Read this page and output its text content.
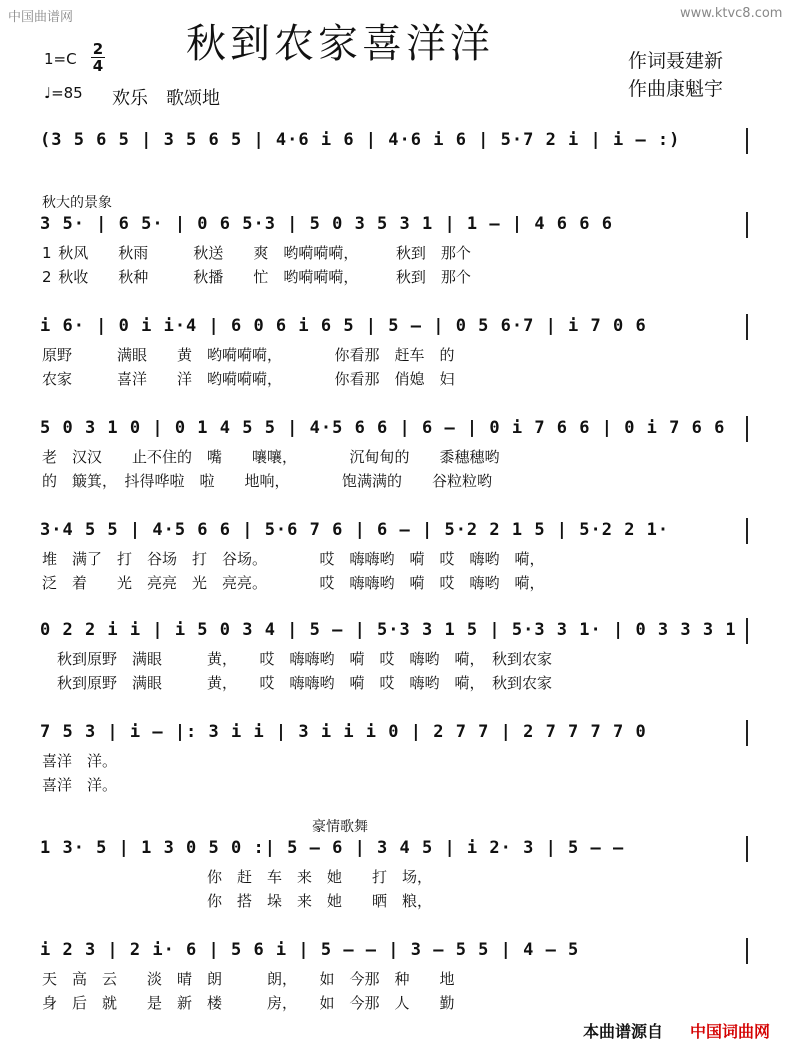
中国曲谱网	www.ktvc8.com
秋到农家喜洋洋	作词聂建新
作曲康魁宇
1=C
2
4
♩=85 欢乐　歌颂地
(3 5 6 5 | 3 5 6 5 | 4·6 i 6 | 4·6 i 6 | 5·7 2 i | i – :)
秋大的景象
3 5· | 6 5· | 0 6 5·3 | 5 0 3 5 3 1 | 1 – | 4 6 6 6
1 秋风　　秋雨　　　秋送　　爽　哟嗬嗬嗬，　　　秋到　那个
2 秋收　　秋种　　　秋播　　忙　哟嗬嗬嗬，　　　秋到　那个
i 6· | 0 i i·4 | 6 0 6 i 6 5 | 5 – | 0 5 6·7 | i 7 0 6
原野　　　满眼　　黄　哟嗬嗬嗬，　　　　你看那　赶车　的
农家　　　喜洋　　洋　哟嗬嗬嗬，　　　　你看那　俏媳　妇
5 0 3 1 0 | 0 1 4 5 5 | 4·5 6 6 | 6 – | 0 i 7 6 6 | 0 i 7 6 6
老　汉汉　　止不住的　嘴　　嚷嚷，　　　　沉甸甸的　　黍穗穗哟
的　簸箕，　抖得哗啦　啦　　地响，　　　　饱满满的　　谷粒粒哟
3·4 5 5 | 4·5 6 6 | 5·6 7 6 | 6 – | 5·2 2 1 5 | 5·2 2 1·
堆　满了　打　谷场　打　谷场。　　　　哎　嗨嗨哟　嗬　哎　嗨哟　嗬，
泛　着　　光　亮亮　光　亮亮。　　　　哎　嗨嗨哟　嗬　哎　嗨哟　嗬，
0 2 2 i i | i 5 0 3 4 | 5 – | 5·3 3 1 5 | 5·3 3 1· | 0 3 3 3 1
　秋到原野　满眼　　　黄，　　哎　嗨嗨哟　嗬　哎　嗨哟　嗬，　秋到农家
　秋到原野　满眼　　　黄，　　哎　嗨嗨哟　嗬　哎　嗨哟　嗬，　秋到农家
7 5 3 | i – |: 3 i i | 3 i i i 0 | 2 7 7 | 2 7 7 7 7 0
喜洋　洋。
喜洋　洋。
豪情歌舞
1 3· 5 | 1 3 0 5 0 :| 5 – 6 | 3 4 5 | i 2· 3 | 5 – –
　　　　　　　　　　　你　赶　车　来　她　　打　场，
　　　　　　　　　　　你　搭　垛　来　她　　晒　粮，
i 2 3 | 2 i· 6 | 5 6 i | 5 – – | 3 – 5 5 | 4 – 5
天　高　云　　淡　晴　朗　　　朗，　　如　今那　种　　地
身　后　就　　是　新　楼　　　房，　　如　今那　人　　勤
本曲谱源自 中国词曲网
